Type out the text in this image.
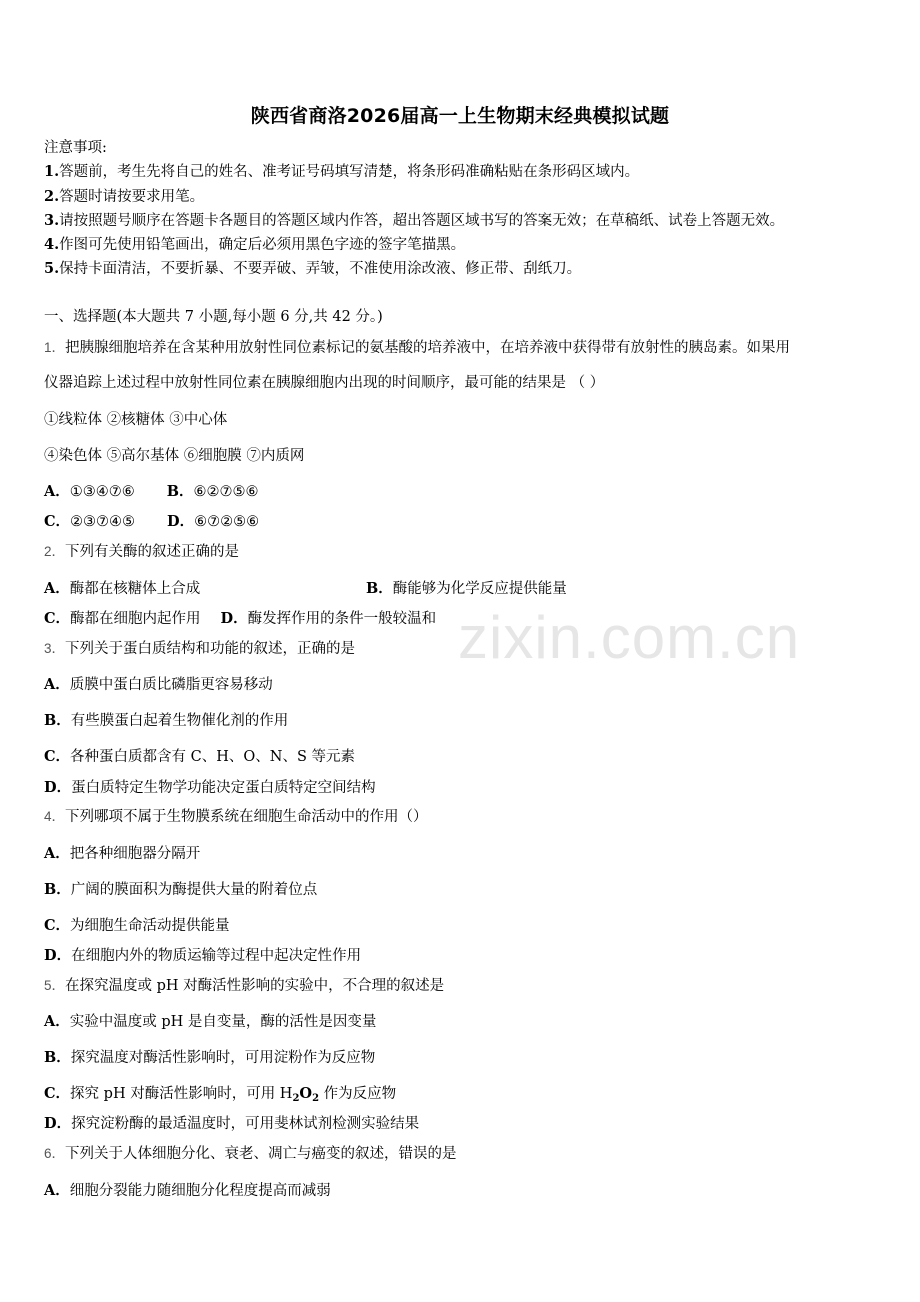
zixin.com.cn
陕西省商洛2026届高一上生物期末经典模拟试题
注意事项:
1.答题前，考生先将自己的姓名、准考证号码填写清楚，将条形码准确粘贴在条形码区域内。
2.答题时请按要求用笔。
3.请按照题号顺序在答题卡各题目的答题区域内作答，超出答题区域书写的答案无效；在草稿纸、试卷上答题无效。
4.作图可先使用铅笔画出，确定后必须用黑色字迹的签字笔描黑。
5.保持卡面清洁，不要折暴、不要弄破、弄皱，不准使用涂改液、修正带、刮纸刀。
一、选择题(本大题共 7 小题,每小题 6 分,共 42 分。)
1．把胰腺细胞培养在含某种用放射性同位素标记的氨基酸的培养液中，在培养液中获得带有放射性的胰岛素。如果用
仪器追踪上述过程中放射性同位素在胰腺细胞内出现的时间顺序，最可能的结果是 （ ）
①线粒体 ②核糖体 ③中心体
④染色体 ⑤高尔基体 ⑥细胞膜 ⑦内质网
A．①③④⑦⑥ B．⑥②⑦⑤⑥
C．②③⑦④⑤ D．⑥⑦②⑤⑥
2．下列有关酶的叙述正确的是
A．酶都在核糖体上合成	B．酶能够为化学反应提供能量
C．酶都在细胞内起作用 D．酶发挥作用的条件一般较温和
3．下列关于蛋白质结构和功能的叙述，正确的是
A．质膜中蛋白质比磷脂更容易移动
B．有些膜蛋白起着生物催化剂的作用
C．各种蛋白质都含有 C、H、O、N、S 等元素
D．蛋白质特定生物学功能决定蛋白质特定空间结构
4．下列哪项不属于生物膜系统在细胞生命活动中的作用（）
A．把各种细胞器分隔开
B．广阔的膜面积为酶提供大量的附着位点
C．为细胞生命活动提供能量
D．在细胞内外的物质运输等过程中起决定性作用
5．在探究温度或 pH 对酶活性影响的实验中，不合理的叙述是
A．实验中温度或 pH 是自变量，酶的活性是因变量
B．探究温度对酶活性影响时，可用淀粉作为反应物
C．探究 pH 对酶活性影响时，可用 $H_2O_2$ 作为反应物
D．探究淀粉酶的最适温度时，可用斐林试剂检测实验结果
6．下列关于人体细胞分化、衰老、凋亡与癌变的叙述，错误的是
A．细胞分裂能力随细胞分化程度提高而减弱
